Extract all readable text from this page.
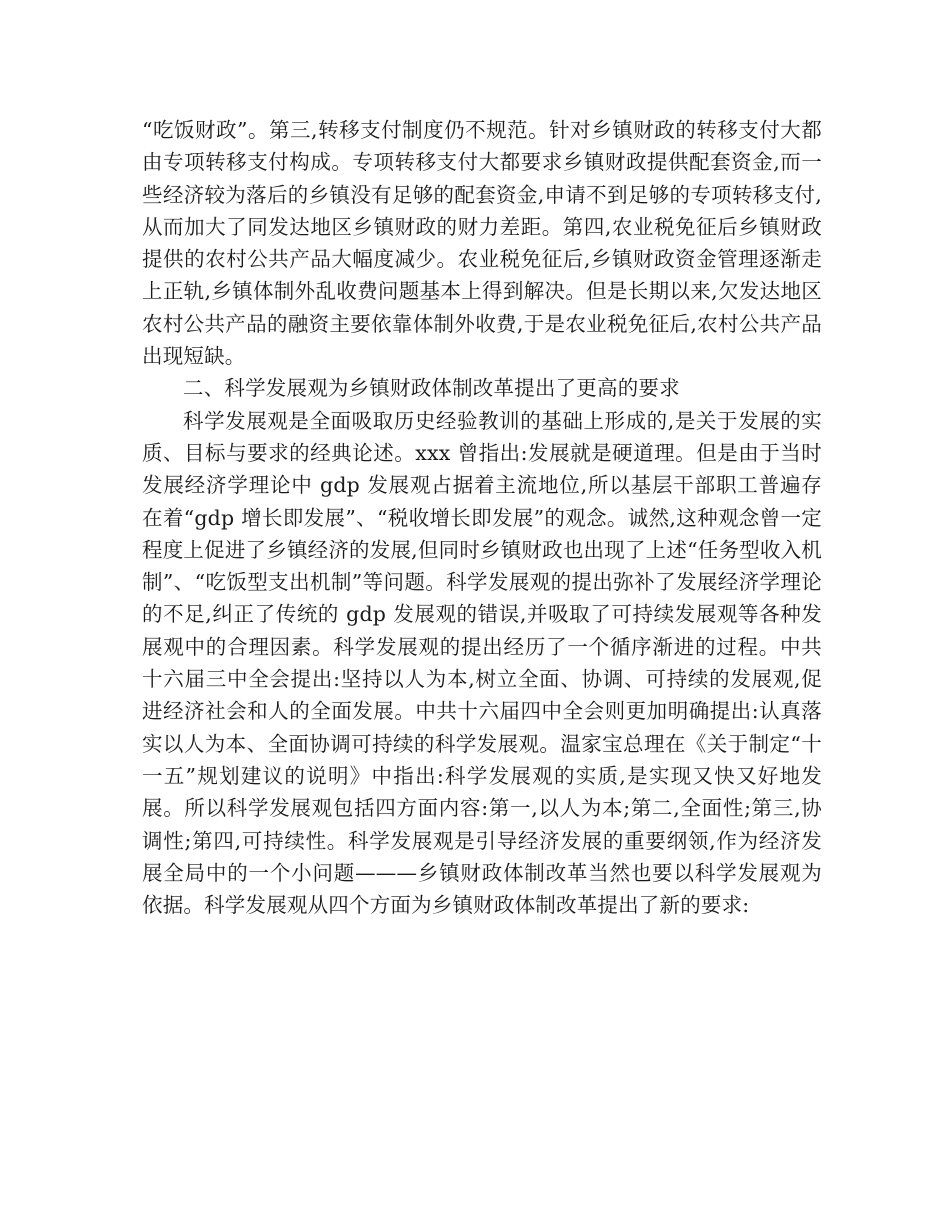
“吃饭财政”。第三,转移支付制度仍不规范。针对乡镇财政的转移支付大都由专项转移支付构成。专项转移支付大都要求乡镇财政提供配套资金,而一些经济较为落后的乡镇没有足够的配套资金,申请不到足够的专项转移支付,从而加大了同发达地区乡镇财政的财力差距。第四,农业税免征后乡镇财政提供的农村公共产品大幅度减少。农业税免征后,乡镇财政资金管理逐渐走上正轨,乡镇体制外乱收费问题基本上得到解决。但是长期以来,欠发达地区农村公共产品的融资主要依靠体制外收费,于是农业税免征后,农村公共产品出现短缺。

二、科学发展观为乡镇财政体制改革提出了更高的要求

科学发展观是全面吸取历史经验教训的基础上形成的,是关于发展的实质、目标与要求的经典论述。xxx 曾指出:发展就是硬道理。但是由于当时发展经济学理论中 gdp 发展观占据着主流地位,所以基层干部职工普遍存在着“gdp 增长即发展”、“税收增长即发展”的观念。诚然,这种观念曾一定程度上促进了乡镇经济的发展,但同时乡镇财政也出现了上述“任务型收入机制”、“吃饭型支出机制”等问题。科学发展观的提出弥补了发展经济学理论的不足,纠正了传统的 gdp 发展观的错误,并吸取了可持续发展观等各种发展观中的合理因素。科学发展观的提出经历了一个循序渐进的过程。中共十六届三中全会提出:坚持以人为本,树立全面、协调、可持续的发展观,促进经济社会和人的全面发展。中共十六届四中全会则更加明确提出:认真落实以人为本、全面协调可持续的科学发展观。温家宝总理在《关于制定“十一五”规划建议的说明》中指出:科学发展观的实质,是实现又快又好地发展。所以科学发展观包括四方面内容:第一,以人为本;第二,全面性;第三,协调性;第四,可持续性。科学发展观是引导经济发展的重要纲领,作为经济发展全局中的一个小问题———乡镇财政体制改革当然也要以科学发展观为依据。科学发展观从四个方面为乡镇财政体制改革提出了新的要求:
